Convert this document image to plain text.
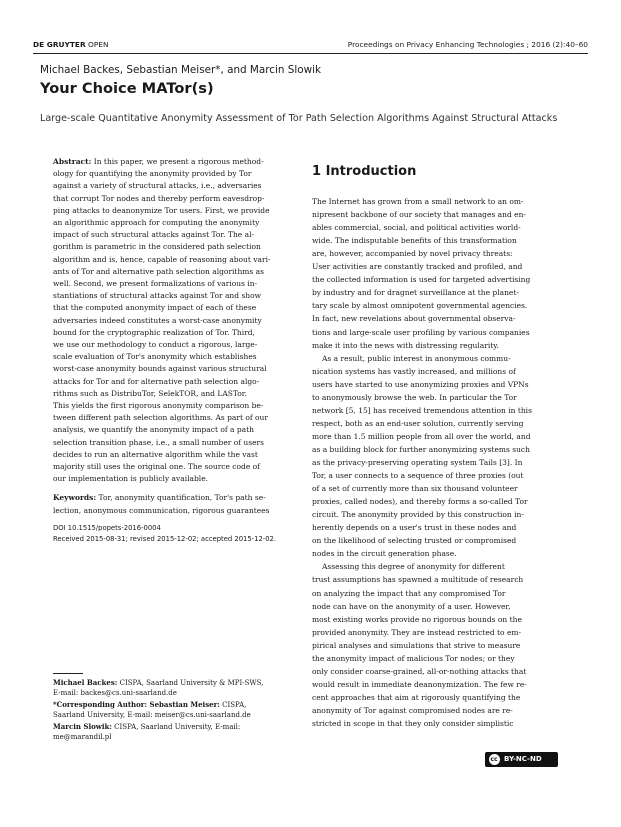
DE GRUYTER OPEN	Proceedings on Privacy Enhancing Technologies ; 2016 (2):40–60
Michael Backes, Sebastian Meiser*, and Marcin Slowik
Your Choice MATor(s)
Large-scale Quantitative Anonymity Assessment of Tor Path Selection Algorithms Against Structural Attacks
Abstract: In this paper, we present a rigorous method-
ology for quantifying the anonymity provided by Tor
against a variety of structural attacks, i.e., adversaries
that corrupt Tor nodes and thereby perform eavesdrop-
ping attacks to deanonymize Tor users. First, we provide
an algorithmic approach for computing the anonymity
impact of such structural attacks against Tor. The al-
gorithm is parametric in the considered path selection
algorithm and is, hence, capable of reasoning about vari-
ants of Tor and alternative path selection algorithms as
well. Second, we present formalizations of various in-
stantiations of structural attacks against Tor and show
that the computed anonymity impact of each of these
adversaries indeed constitutes a worst-case anonymity
bound for the cryptographic realization of Tor. Third,
we use our methodology to conduct a rigorous, large-
scale evaluation of Tor's anonymity which establishes
worst-case anonymity bounds against various structural
attacks for Tor and for alternative path selection algo-
rithms such as DistribuTor, SelekTOR, and LASTor.
This yields the first rigorous anonymity comparison be-
tween different path selection algorithms. As part of our
analysis, we quantify the anonymity impact of a path
selection transition phase, i.e., a small number of users
decides to run an alternative algorithm while the vast
majority still uses the original one. The source code of
our implementation is publicly available.
Keywords: Tor, anonymity quantification, Tor's path se-
lection, anonymous communication, rigorous guarantees
DOI 10.1515/popets-2016-0004
Received 2015-08-31; revised 2015-12-02; accepted 2015-12-02.
Michael Backes: CISPA, Saarland University & MPI-SWS,
E-mail: backes@cs.uni-saarland.de
*Corresponding Author: Sebastian Meiser: CISPA,
Saarland University, E-mail: meiser@cs.uni-saarland.de
Marcin Slowik: CISPA, Saarland University, E-mail:
me@marandil.pl
1 Introduction
The Internet has grown from a small network to an om-
nipresent backbone of our society that manages and en-
ables commercial, social, and political activities world-
wide. The indisputable benefits of this transformation
are, however, accompanied by novel privacy threats:
User activities are constantly tracked and profiled, and
the collected information is used for targeted advertising
by industry and for dragnet surveillance at the planet-
tary scale by almost omnipotent governmental agencies.
In fact, new revelations about governmental observa-
tions and large-scale user profiling by various companies
make it into the news with distressing regularity.
As a result, public interest in anonymous commu-
nication systems has vastly increased, and millions of
users have started to use anonymizing proxies and VPNs
to anonymously browse the web. In particular the Tor
network [5, 15] has received tremendous attention in this
respect, both as an end-user solution, currently serving
more than 1.5 million people from all over the world, and
as a building block for further anonymizing systems such
as the privacy-preserving operating system Tails [3]. In
Tor, a user connects to a sequence of three proxies (out
of a set of currently more than six thousand volunteer
proxies, called nodes), and thereby forms a so-called Tor
circuit. The anonymity provided by this construction in-
herently depends on a user's trust in these nodes and
on the likelihood of selecting trusted or compromised
nodes in the circuit generation phase.
Assessing this degree of anonymity for different
trust assumptions has spawned a multitude of research
on analyzing the impact that any compromised Tor
node can have on the anonymity of a user. However,
most existing works provide no rigorous bounds on the
provided anonymity. They are instead restricted to em-
pirical analyses and simulations that strive to measure
the anonymity impact of malicious Tor nodes; or they
only consider coarse-grained, all-or-nothing attacks that
would result in immediate deanonymization. The few re-
cent approaches that aim at rigorously quantifying the
anonymity of Tor against compromised nodes are re-
stricted in scope in that they only consider simplistic
cc BY-NC-ND
